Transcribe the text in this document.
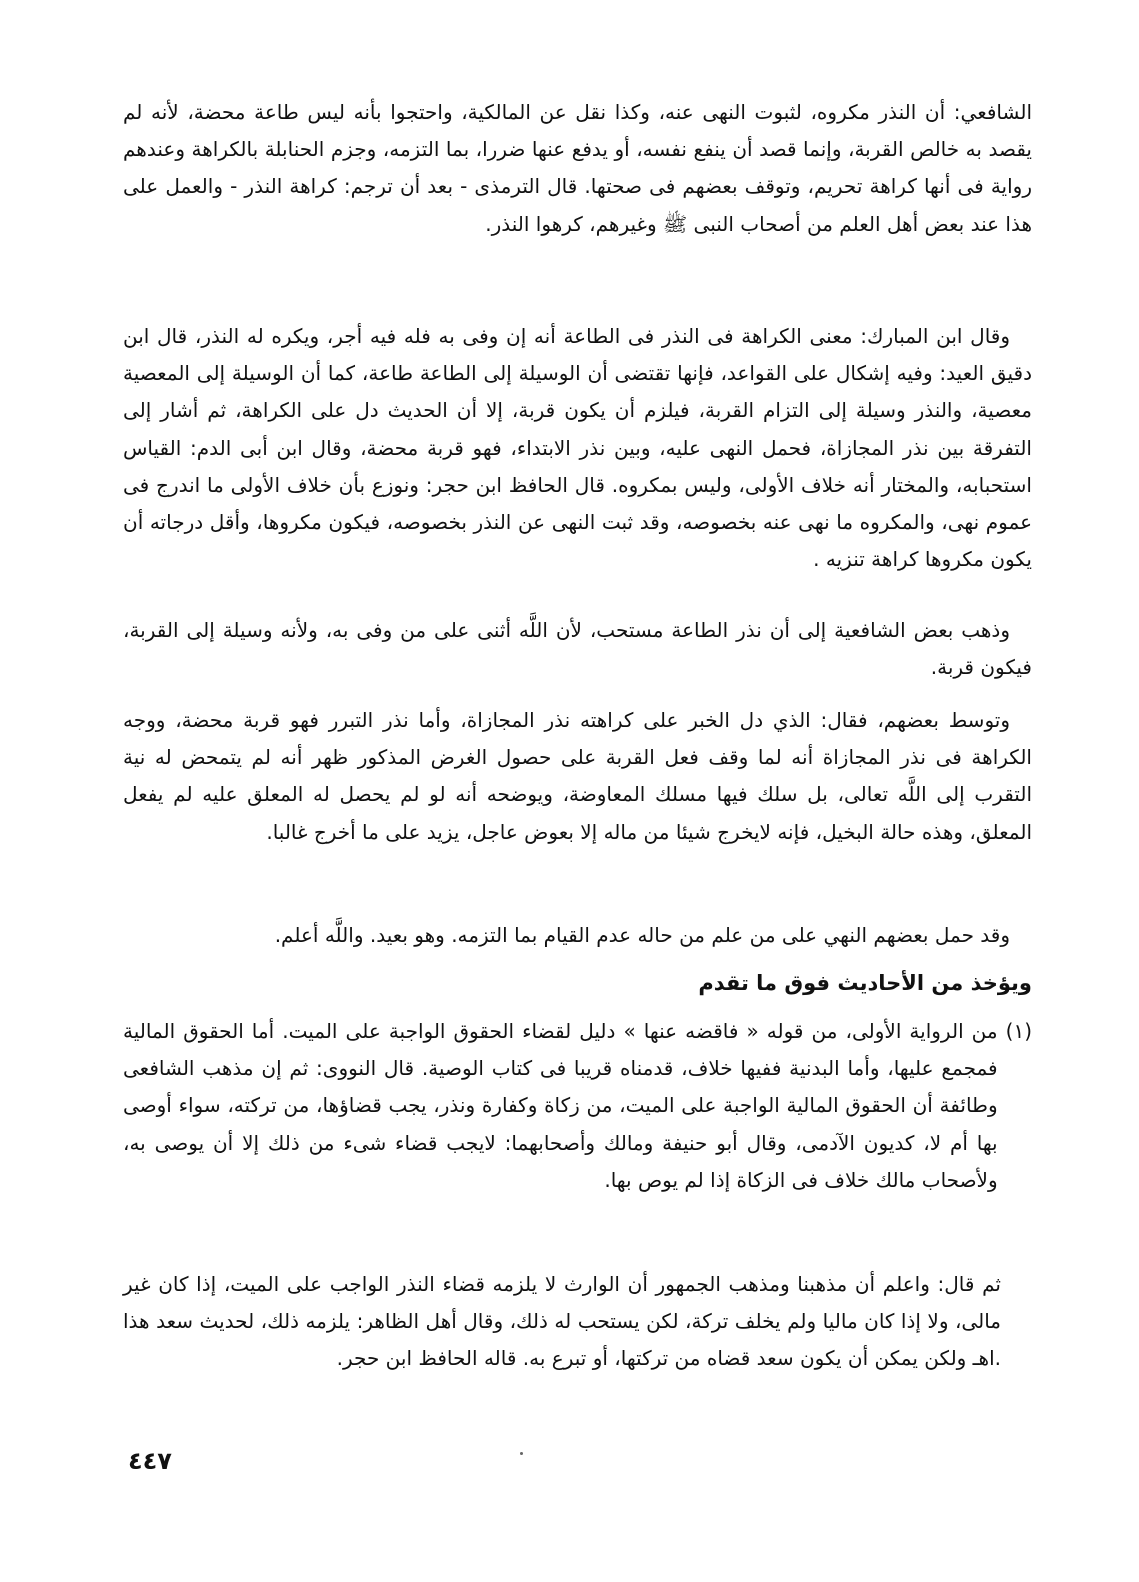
الشافعي: أن النذر مكروه، لثبوت النهى عنه، وكذا نقل عن المالكية، واحتجوا بأنه ليس طاعة محضة، لأنه لم يقصد به خالص القربة، وإنما قصد أن ينفع نفسه، أو يدفع عنها ضررا، بما التزمه، وجزم الحنابلة بالكراهة وعندهم رواية فى أنها كراهة تحريم، وتوقف بعضهم فى صحتها. قال الترمذى - بعد أن ترجم: كراهة النذر - والعمل على هذا عند بعض أهل العلم من أصحاب النبى ﷺ وغيرهم، كرهوا النذر.

وقال ابن المبارك: معنى الكراهة فى النذر فى الطاعة أنه إن وفى به فله فيه أجر، ويكره له النذر، قال ابن دقيق العيد: وفيه إشكال على القواعد، فإنها تقتضى أن الوسيلة إلى الطاعة طاعة، كما أن الوسيلة إلى المعصية معصية، والنذر وسيلة إلى التزام القربة، فيلزم أن يكون قربة، إلا أن الحديث دل على الكراهة، ثم أشار إلى التفرقة بين نذر المجازاة، فحمل النهى عليه، وبين نذر الابتداء، فهو قربة محضة، وقال ابن أبى الدم: القياس استحبابه، والمختار أنه خلاف الأولى، وليس بمكروه. قال الحافظ ابن حجر: ونوزع بأن خلاف الأولى ما اندرج فى عموم نهى، والمكروه ما نهى عنه بخصوصه، وقد ثبت النهى عن النذر بخصوصه، فيكون مكروها، وأقل درجاته أن يكون مكروها كراهة تنزيه .

وذهب بعض الشافعية إلى أن نذر الطاعة مستحب، لأن اللَّه أثنى على من وفى به، ولأنه وسيلة إلى القربة، فيكون قربة.

وتوسط بعضهم، فقال: الذي دل الخبر على كراهته نذر المجازاة، وأما نذر التبرر فهو قربة محضة، ووجه الكراهة فى نذر المجازاة أنه لما وقف فعل القربة على حصول الغرض المذكور ظهر أنه لم يتمحض له نية التقرب إلى اللَّه تعالى، بل سلك فيها مسلك المعاوضة، ويوضحه أنه لو لم يحصل له المعلق عليه لم يفعل المعلق، وهذه حالة البخيل، فإنه لايخرج شيئا من ماله إلا بعوض عاجل، يزيد على ما أخرج غالبا.

وقد حمل بعضهم النهي على من علم من حاله عدم القيام بما التزمه. وهو بعيد. واللَّه أعلم.

ويؤخذ من الأحاديث فوق ما تقدم
(١)
من الرواية الأولى، من قوله « فاقضه عنها » دليل لقضاء الحقوق الواجبة على الميت. أما الحقوق المالية فمجمع عليها، وأما البدنية ففيها خلاف، قدمناه قريبا فى كتاب الوصية. قال النووى: ثم إن مذهب الشافعى وطائفة أن الحقوق المالية الواجبة على الميت، من زكاة وكفارة ونذر، يجب قضاؤها، من تركته، سواء أوصى بها أم لا، كديون الآدمى، وقال أبو حنيفة ومالك وأصحابهما: لايجب قضاء شىء من ذلك إلا أن يوصى به، ولأصحاب مالك خلاف فى الزكاة إذا لم يوص بها.

ثم قال: واعلم أن مذهبنا ومذهب الجمهور أن الوارث لا يلزمه قضاء النذر الواجب على الميت، إذا كان غير مالى، ولا إذا كان ماليا ولم يخلف تركة، لكن يستحب له ذلك، وقال أهل الظاهر: يلزمه ذلك، لحديث سعد هذا .اهـ ولكن يمكن أن يكون سعد قضاه من تركتها، أو تبرع به. قاله الحافظ ابن حجر.

٤٤٧
